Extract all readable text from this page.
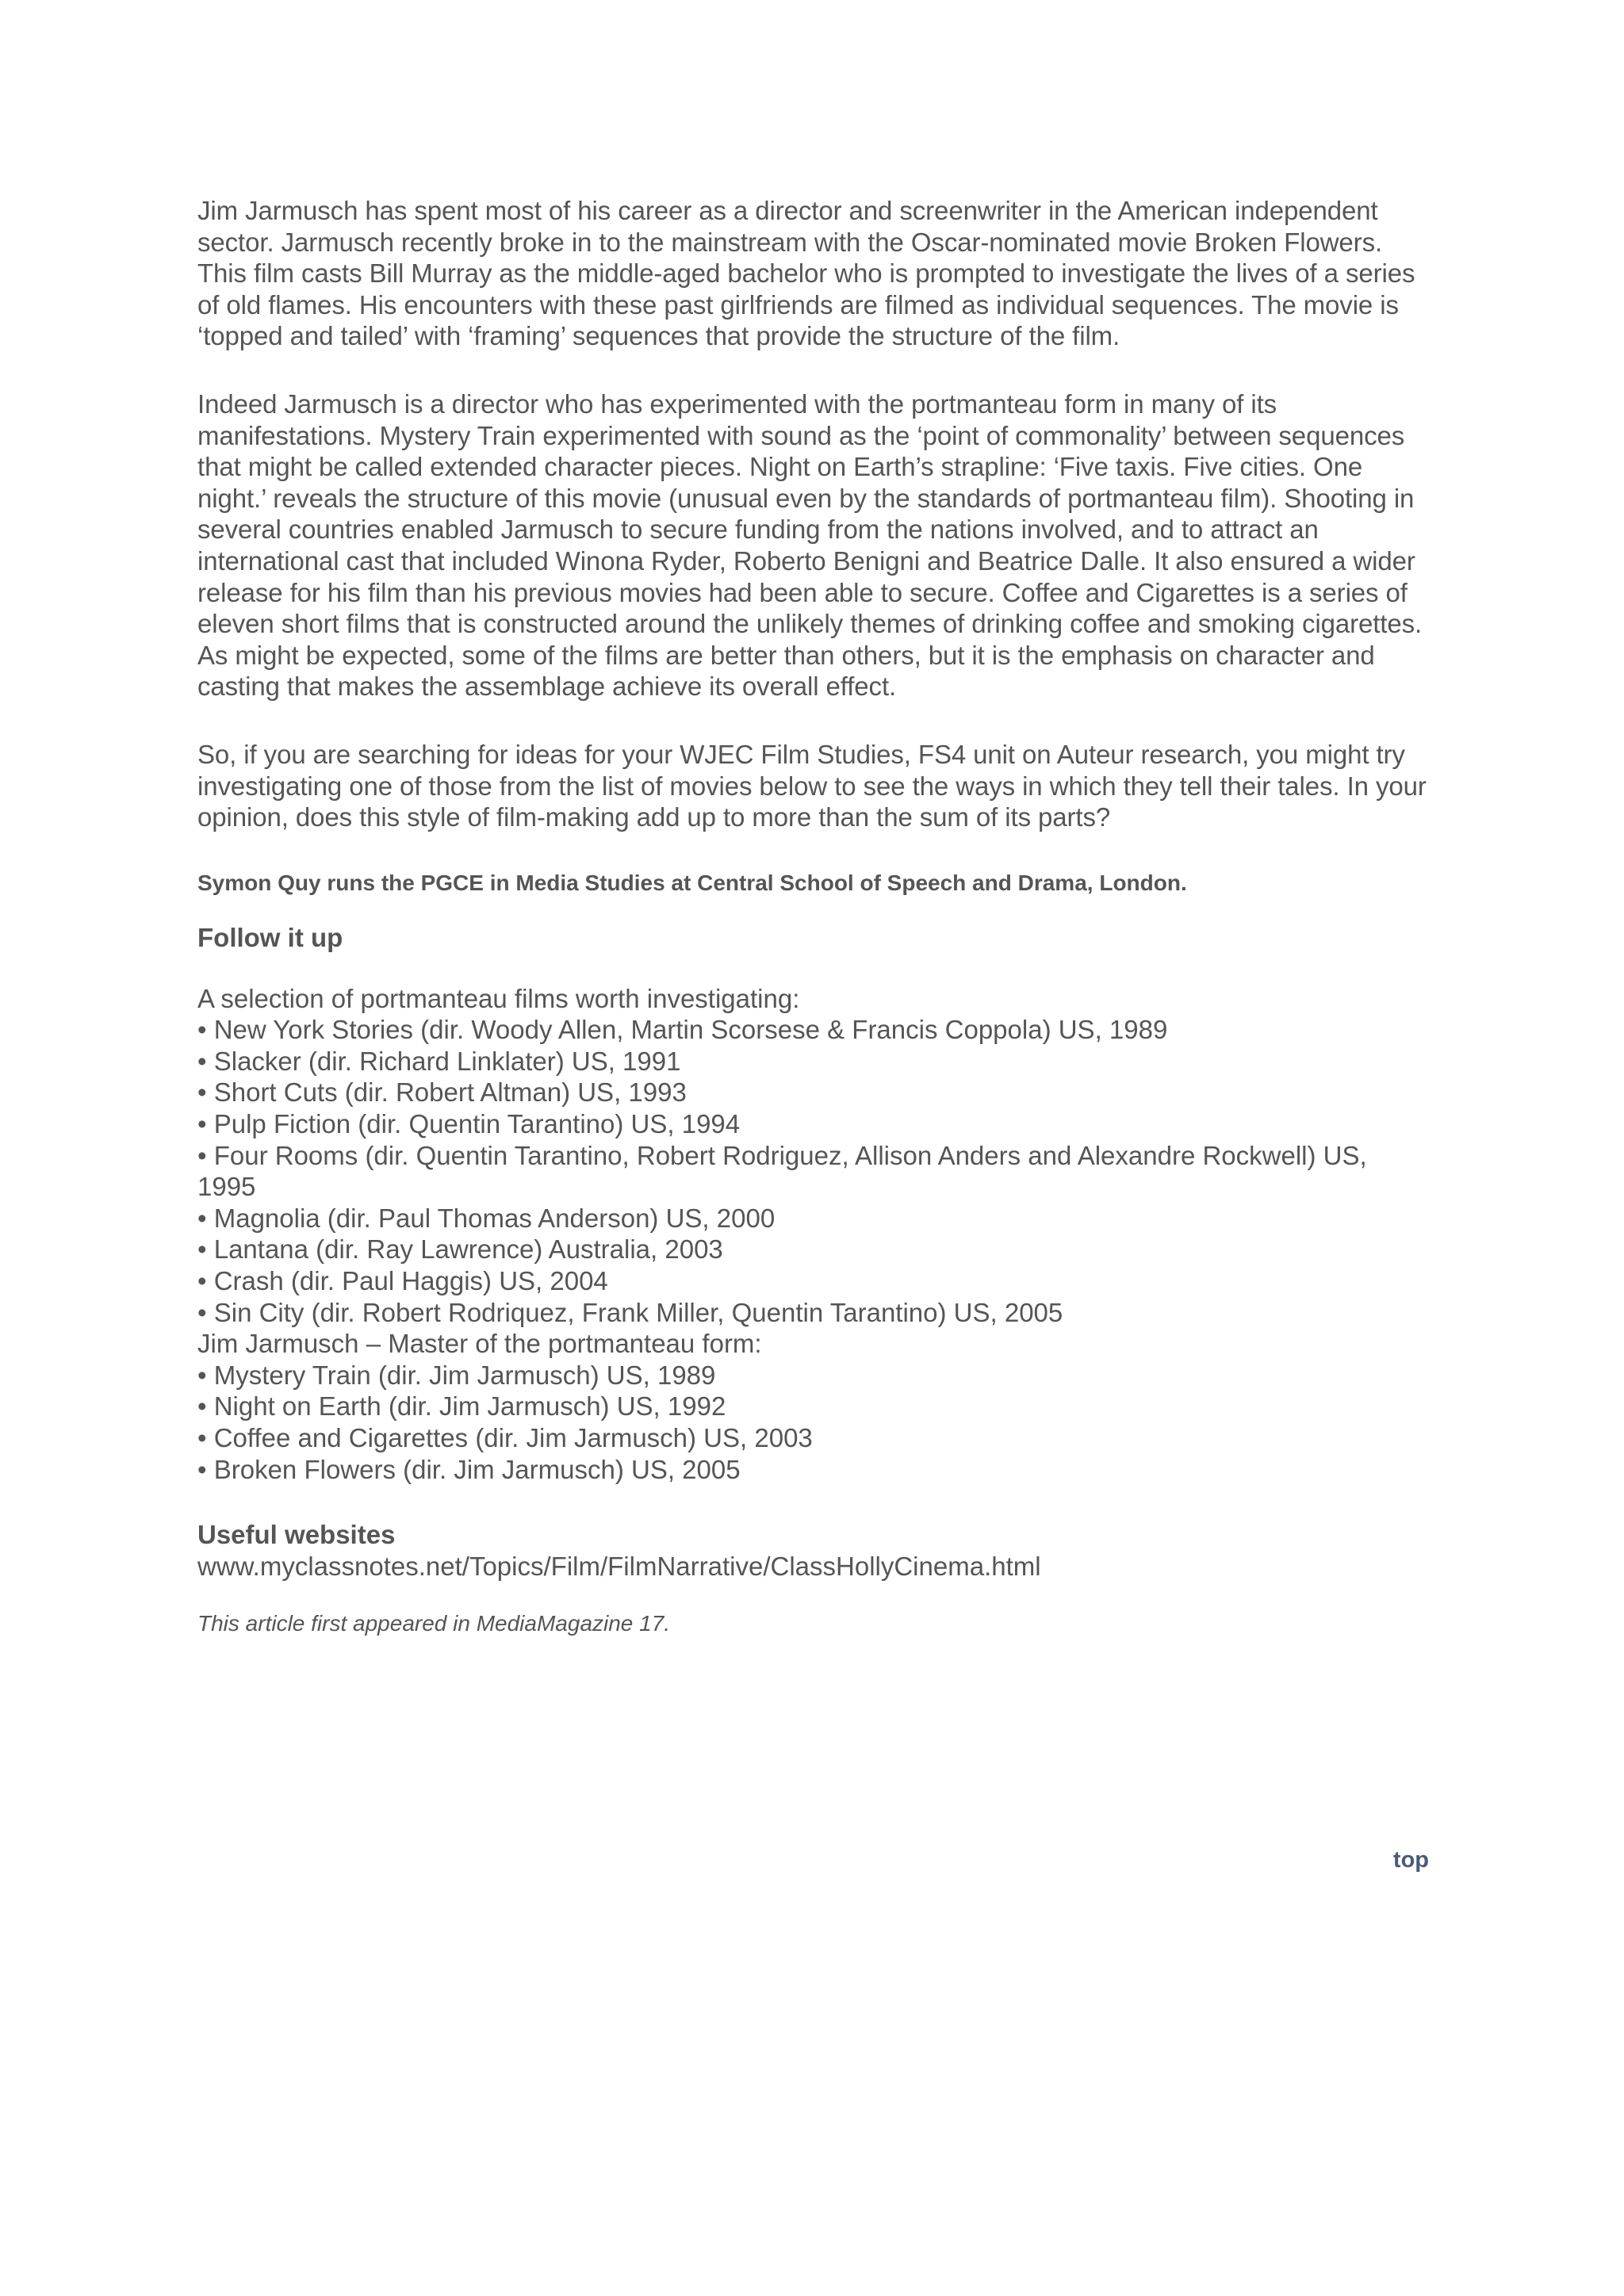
Jim Jarmusch has spent most of his career as a director and screenwriter in the American independent sector. Jarmusch recently broke in to the mainstream with the Oscar-nominated movie Broken Flowers. This film casts Bill Murray as the middle-aged bachelor who is prompted to investigate the lives of a series of old flames. His encounters with these past girlfriends are filmed as individual sequences. The movie is ‘topped and tailed’ with ‘framing’ sequences that provide the structure of the film.

Indeed Jarmusch is a director who has experimented with the portmanteau form in many of its manifestations. Mystery Train experimented with sound as the ‘point of commonality’ between sequences that might be called extended character pieces. Night on Earth’s strapline: ‘Five taxis. Five cities. One night.’ reveals the structure of this movie (unusual even by the standards of portmanteau film). Shooting in several countries enabled Jarmusch to secure funding from the nations involved, and to attract an international cast that included Winona Ryder, Roberto Benigni and Beatrice Dalle. It also ensured a wider release for his film than his previous movies had been able to secure. Coffee and Cigarettes is a series of eleven short films that is constructed around the unlikely themes of drinking coffee and smoking cigarettes. As might be expected, some of the films are better than others, but it is the emphasis on character and casting that makes the assemblage achieve its overall effect.

So, if you are searching for ideas for your WJEC Film Studies, FS4 unit on Auteur research, you might try investigating one of those from the list of movies below to see the ways in which they tell their tales. In your opinion, does this style of film-making add up to more than the sum of its parts?

Symon Quy runs the PGCE in Media Studies at Central School of Speech and Drama, London.

Follow it up

A selection of portmanteau films worth investigating:
• New York Stories (dir. Woody Allen, Martin Scorsese & Francis Coppola) US, 1989
• Slacker (dir. Richard Linklater) US, 1991
• Short Cuts (dir. Robert Altman) US, 1993
• Pulp Fiction (dir. Quentin Tarantino) US, 1994
• Four Rooms (dir. Quentin Tarantino, Robert Rodriguez, Allison Anders and Alexandre Rockwell) US, 1995
• Magnolia (dir. Paul Thomas Anderson) US, 2000
• Lantana (dir. Ray Lawrence) Australia, 2003
• Crash (dir. Paul Haggis) US, 2004
• Sin City (dir. Robert Rodriquez, Frank Miller, Quentin Tarantino) US, 2005
Jim Jarmusch – Master of the portmanteau form:
• Mystery Train (dir. Jim Jarmusch) US, 1989
• Night on Earth (dir. Jim Jarmusch) US, 1992
• Coffee and Cigarettes (dir. Jim Jarmusch) US, 2003
• Broken Flowers (dir. Jim Jarmusch) US, 2005

Useful websites

www.myclassnotes.net/Topics/Film/FilmNarrative/ClassHollyCinema.html

This article first appeared in MediaMagazine 17.

top
